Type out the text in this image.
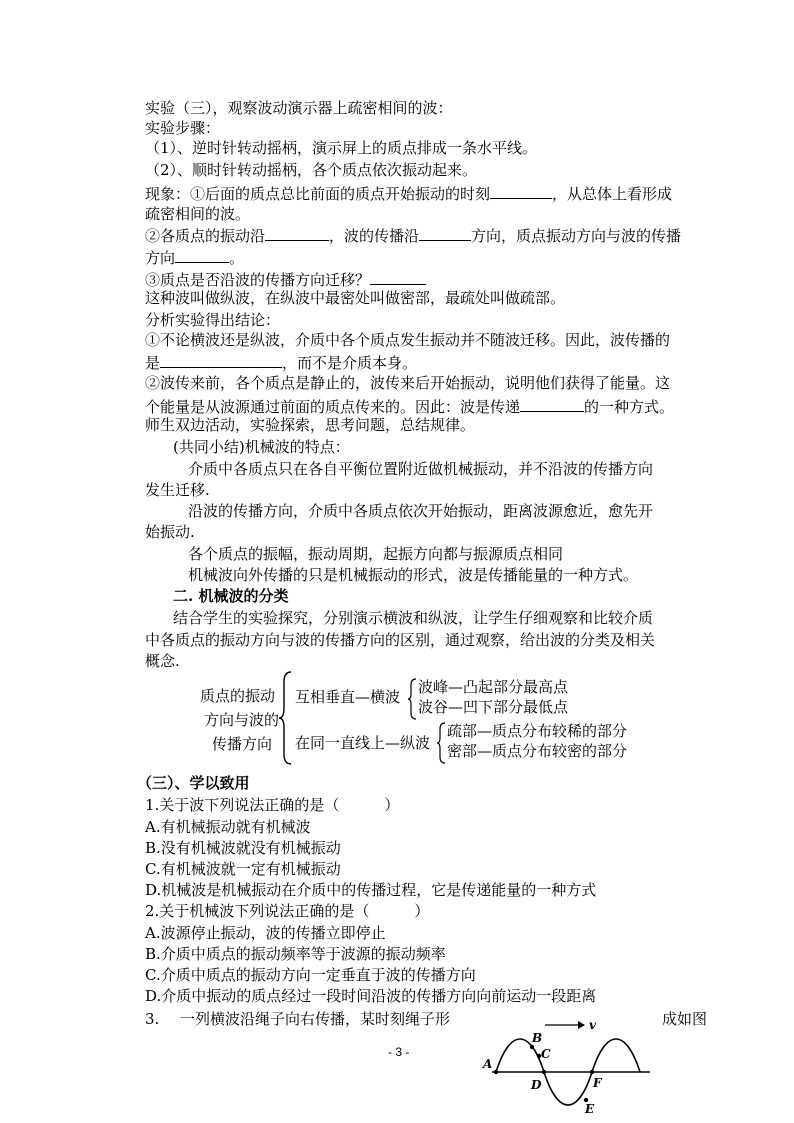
实验（三），观察波动演示器上疏密相间的波：
实验步骤：
（1）、逆时针转动摇柄，演示屏上的质点排成一条水平线。
（2）、顺时针转动摇柄，各个质点依次振动起来。
现象：①后面的质点总比前面的质点开始振动的时刻	，从总体上看形成
疏密相间的波。
②各质点的振动沿	，波的传播沿	方向，质点振动方向与波的传播
方向	。
③质点是否沿波的传播方向迁移？
这种波叫做纵波，在纵波中最密处叫做密部，最疏处叫做疏部。
分析实验得出结论：
①不论横波还是纵波，介质中各个质点发生振动并不随波迁移。因此，波传播的
是	，而不是介质本身。
②波传来前，各个质点是静止的，波传来后开始振动，说明他们获得了能量。这
个能量是从波源通过前面的质点传来的。因此：波是传递	的一种方式。
师生双边活动，实验探索，思考问题，总结规律。
(共同小结)机械波的特点：
介质中各质点只在各自平衡位置附近做机械振动，并不沿波的传播方向
发生迁移.
沿波的传播方向，介质中各质点依次开始振动，距离波源愈近，愈先开
始振动.
各个质点的振幅，振动周期，起振方向都与振源质点相同
机械波向外传播的只是机械振动的形式，波是传播能量的一种方式。
二. 机械波的分类
结合学生的实验探究，分别演示横波和纵波，让学生仔细观察和比较介质
中各质点的振动方向与波的传播方向的区别，通过观察，给出波的分类及相关
概念.
质点的振动
方向与波的
传播方向
互相垂直—横波
波峰—凸起部分最高点
波谷—凹下部分最低点
在同一直线上—纵波
疏部—质点分布较稀的部分
密部—质点分布较密的部分
（三）、学以致用
1.关于波下列说法正确的是（　　　）
A.有机械振动就有机械波
B.没有机械波就没有机械振动
C.有机械波就一定有机械振动
D.机械波是机械振动在介质中的传播过程，它是传递能量的一种方式
2.关于机械波下列说法正确的是（　　　）
A.波源停止振动，波的传播立即停止
B.介质中质点的振动频率等于波源的振动频率
C.介质中质点的振动方向一定垂直于波的传播方向
D.介质中振动的质点经过一段时间沿波的传播方向向前运动一段距离
3. 一列横波沿绳子向右传播，某时刻绳子形	成如图
- 3 -
A
B
C
D
E
F
v
